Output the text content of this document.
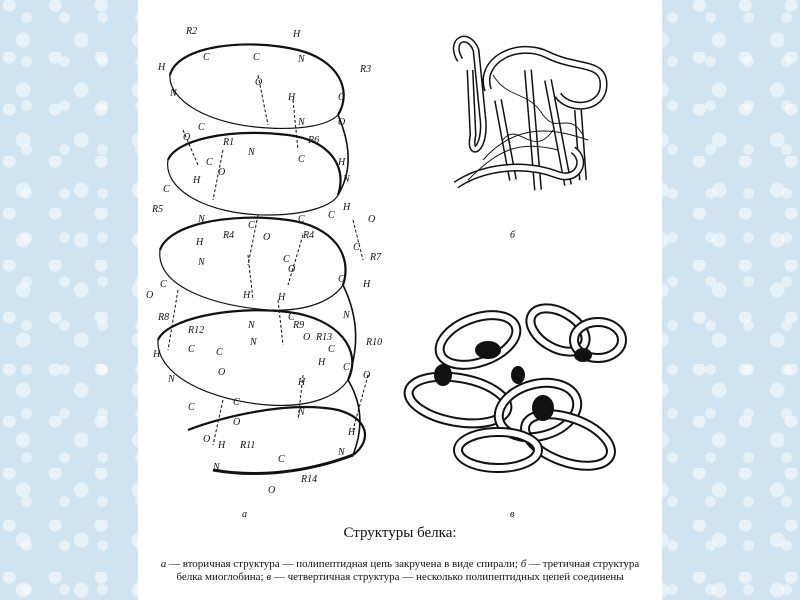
H
N
H
N
C	C
O
H
N
C
O
O
C
N
C	H
N
C
O
H
C
N
C
C C
H
O
O
H
N	C
O
C
C H
O
C
H
N
H
C	N
H
N
C C
O
N	O
C
H C
O
H
N
C	C
O
O
H
N
C
O
H
N
R2
R3
R1	R6
R5
R4	R4
R7
R8
R12	R9
R13	R10
R11
R14
б
а	в
Структуры белка:
а — вторичная структура — полипептидная цепь закручена в виде спирали; б — третичная структура белка миоглобина; в — четвертичная структура — несколько полипептидных цепей соединены
